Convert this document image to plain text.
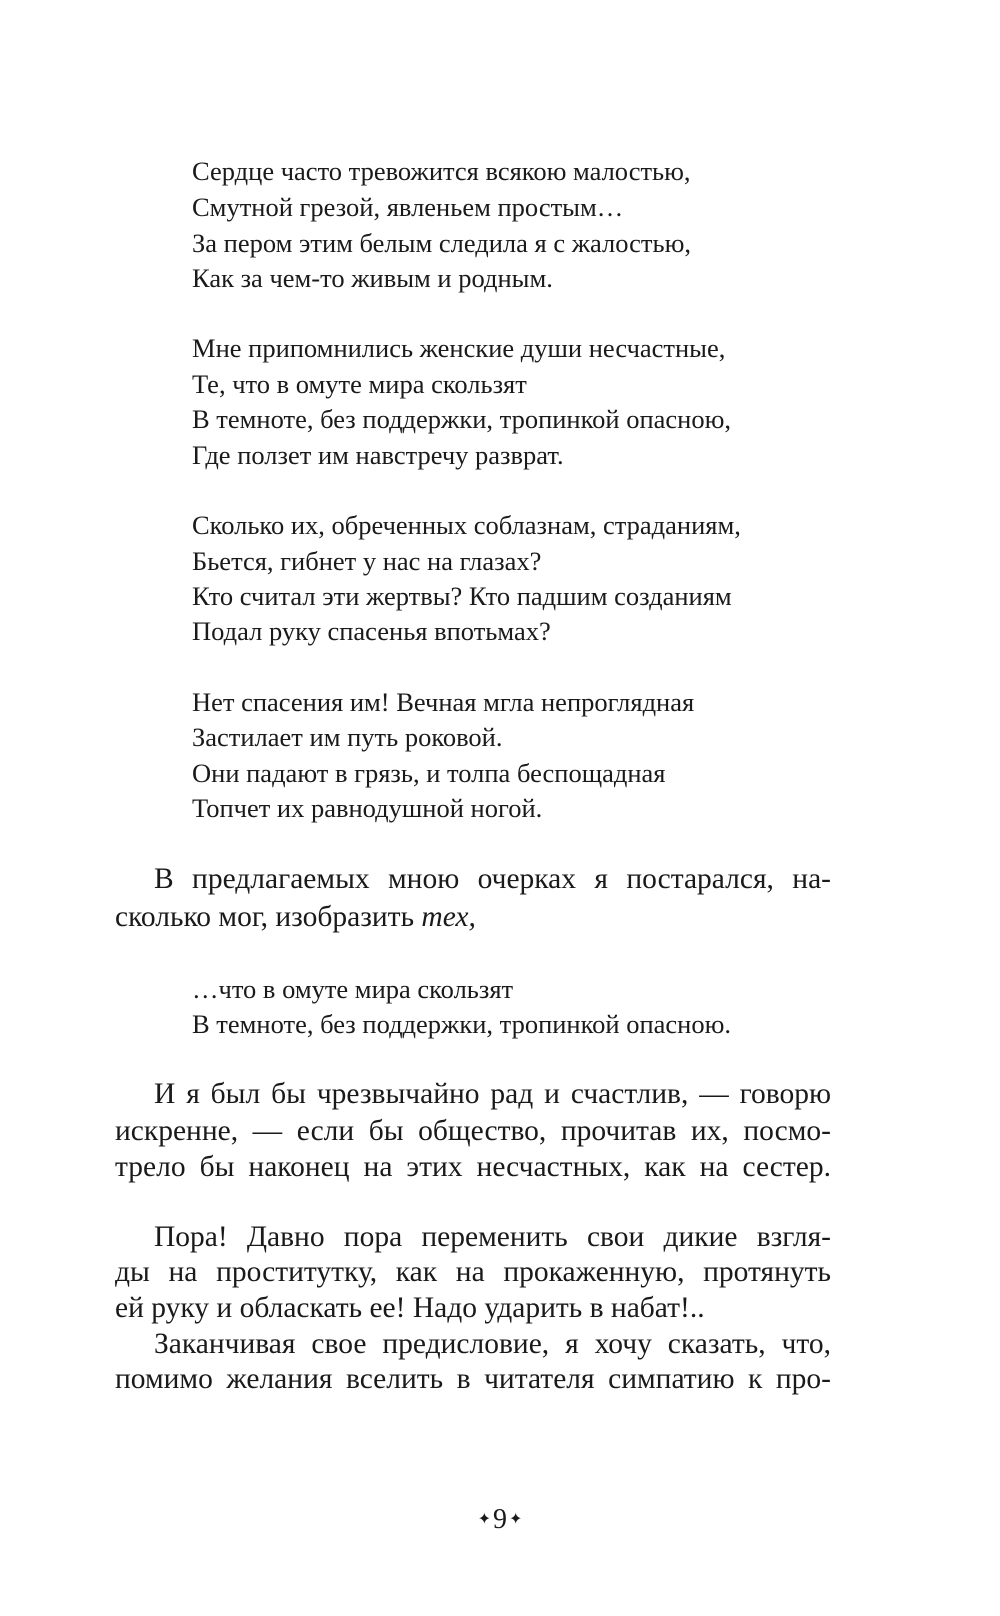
Сердце часто тревожится всякою малостью,
Смутной грезой, явленьем простым…
За пером этим белым следила я с жалостью,
Как за чем-то живым и родным.
Мне припомнились женские души несчастные,
Те, что в омуте мира скользят
В темноте, без поддержки, тропинкой опасною,
Где ползет им навстречу разврат.
Сколько их, обреченных соблазнам, страданиям,
Бьется, гибнет у нас на глазах?
Кто считал эти жертвы? Кто падшим созданиям
Подал руку спасенья впотьмах?
Нет спасения им! Вечная мгла непроглядная
Застилает им путь роковой.
Они падают в грязь, и толпа беспощадная
Топчет их равнодушной ногой.
В предлагаемых мною очерках я постарался, на-
сколько мог, изобразить тех,
…что в омуте мира скользят
В темноте, без поддержки, тропинкой опасною.
И я был бы чрезвычайно рад и счастлив, — говорю
искренне, — если бы общество, прочитав их, посмо-
трело бы наконец на этих несчастных, как на сестер.
Пора! Давно пора переменить свои дикие взгля-
ды на проститутку, как на прокаженную, протянуть
ей руку и обласкать ее! Надо ударить в набат!..
Заканчивая свое предисловие, я хочу сказать, что,
помимо желания вселить в читателя симпатию к про-
✦9 ✦
